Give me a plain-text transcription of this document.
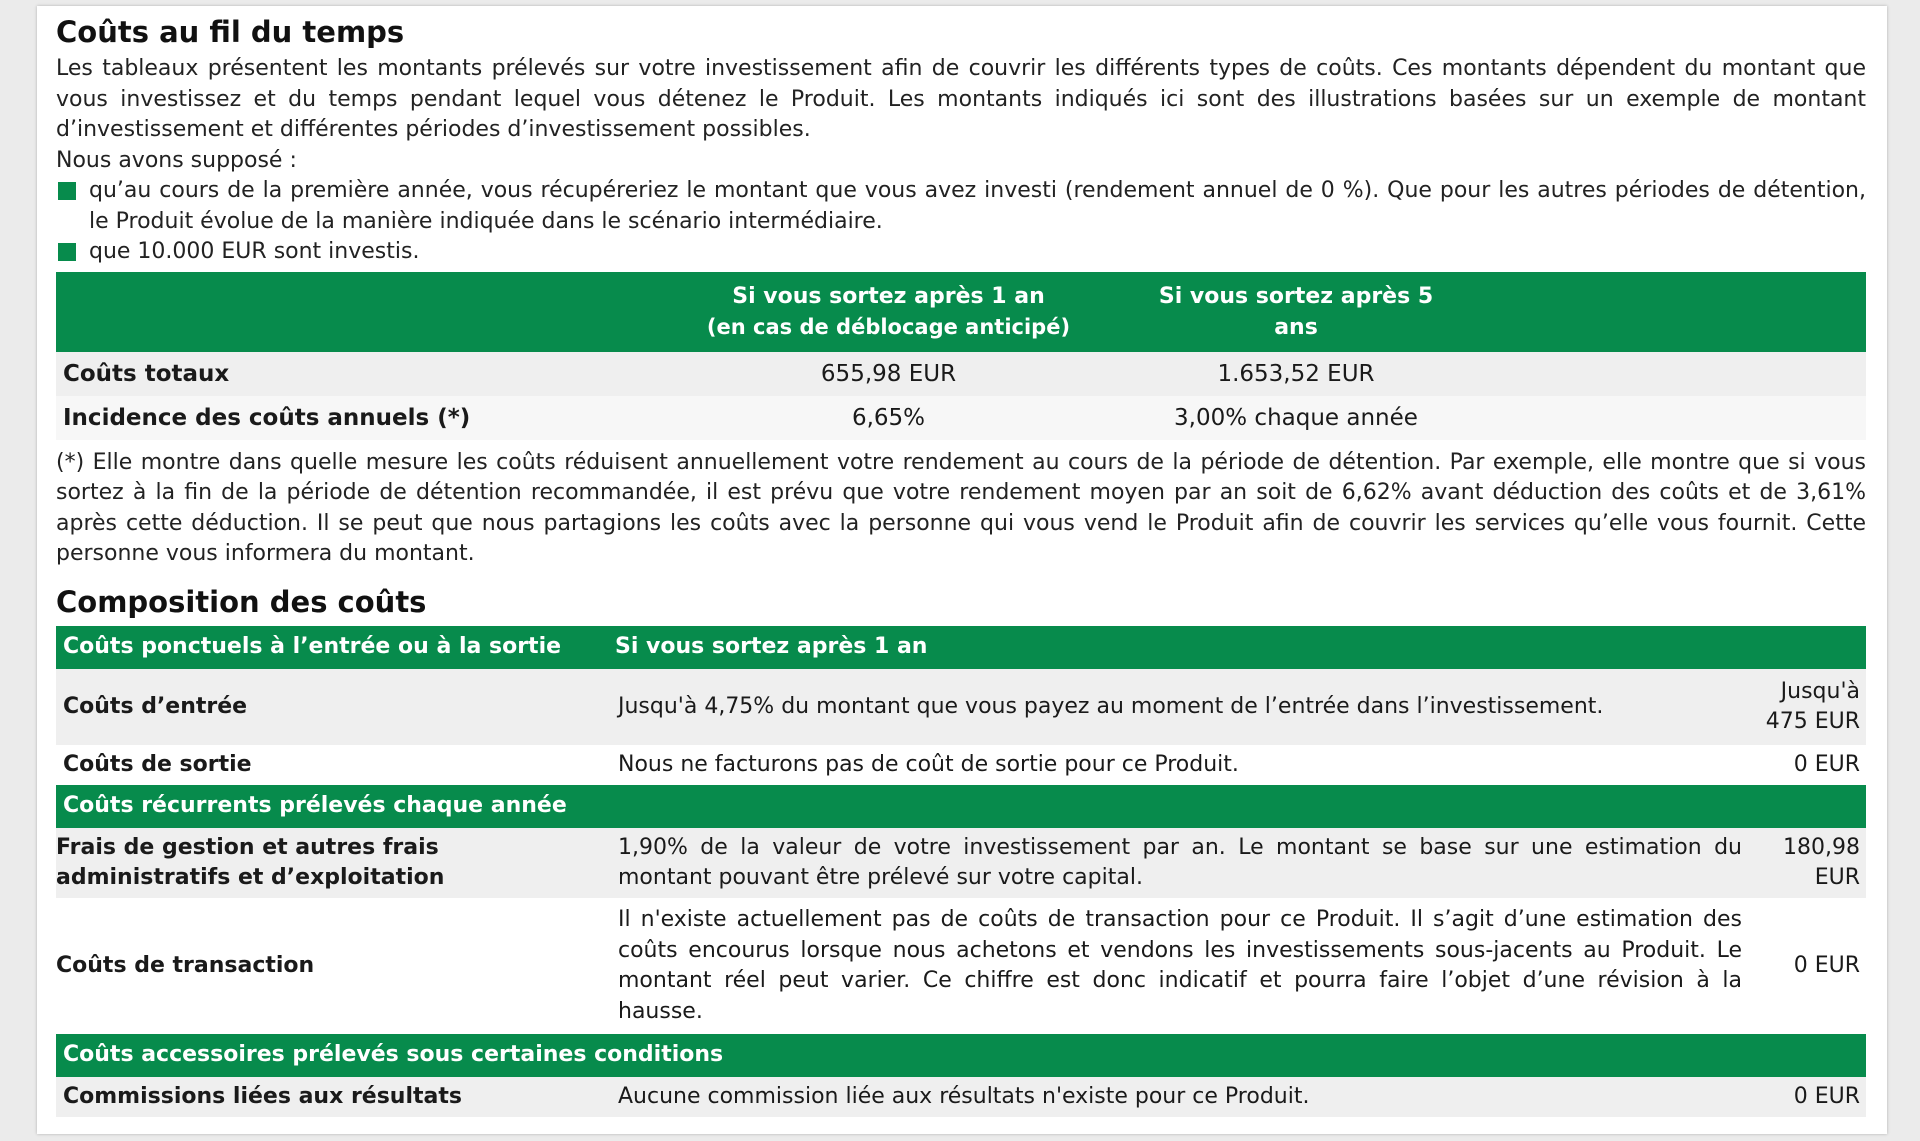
Coûts au fil du temps

Les tableaux présentent les montants prélevés sur votre investissement afin de couvrir les différents types de coûts. Ces montants dépendent du montant que vous investissez et du temps pendant lequel vous détenez le Produit. Les montants indiqués ici sont des illustrations basées sur un exemple de montant d’investissement et différentes périodes d’investissement possibles.

Nous avons supposé :
qu’au cours de la première année, vous récupéreriez le montant que vous avez investi (rendement annuel de 0 %). Que pour les autres périodes de détention, le Produit évolue de la manière indiquée dans le scénario intermédiaire.
que 10.000 EUR sont investis.
	Si vous sortez après 1 an
(en cas de déblocage anticipé)	Si vous sortez après 5 ans	
Coûts totaux	655,98 EUR	1.653,52 EUR	
Incidence des coûts annuels (*)	6,65%	3,00% chaque année	

(*) Elle montre dans quelle mesure les coûts réduisent annuellement votre rendement au cours de la période de détention. Par exemple, elle montre que si vous sortez à la fin de la période de détention recommandée, il est prévu que votre rendement moyen par an soit de 6,62% avant déduction des coûts et de 3,61% après cette déduction. Il se peut que nous partagions les coûts avec la personne qui vous vend le Produit afin de couvrir les services qu’elle vous fournit. Cette personne vous informera du montant.

Composition des coûts
Coûts ponctuels à l’entrée ou à la sortie	Si vous sortez après 1 an	
Coûts d’entrée	Jusqu'à 4,75% du montant que vous payez au moment de l’entrée dans l’investissement.	Jusqu'à
475 EUR
Coûts de sortie	Nous ne facturons pas de coût de sortie pour ce Produit.	0 EUR
Coûts récurrents prélevés chaque année		
Frais de gestion et autres frais
administratifs et d’exploitation	1,90% de la valeur de votre investissement par an. Le montant se base sur une estimation du montant pouvant être prélevé sur votre capital.	180,98 EUR
Coûts de transaction	Il n'existe actuellement pas de coûts de transaction pour ce Produit. Il s’agit d’une estimation des coûts encourus lorsque nous achetons et vendons les investissements sous-jacents au Produit. Le montant réel peut varier. Ce chiffre est donc indicatif et pourra faire l’objet d’une révision à la hausse.	0 EUR
Coûts accessoires prélevés sous certaines conditions		
Commissions liées aux résultats	Aucune commission liée aux résultats n'existe pour ce Produit.	0 EUR
